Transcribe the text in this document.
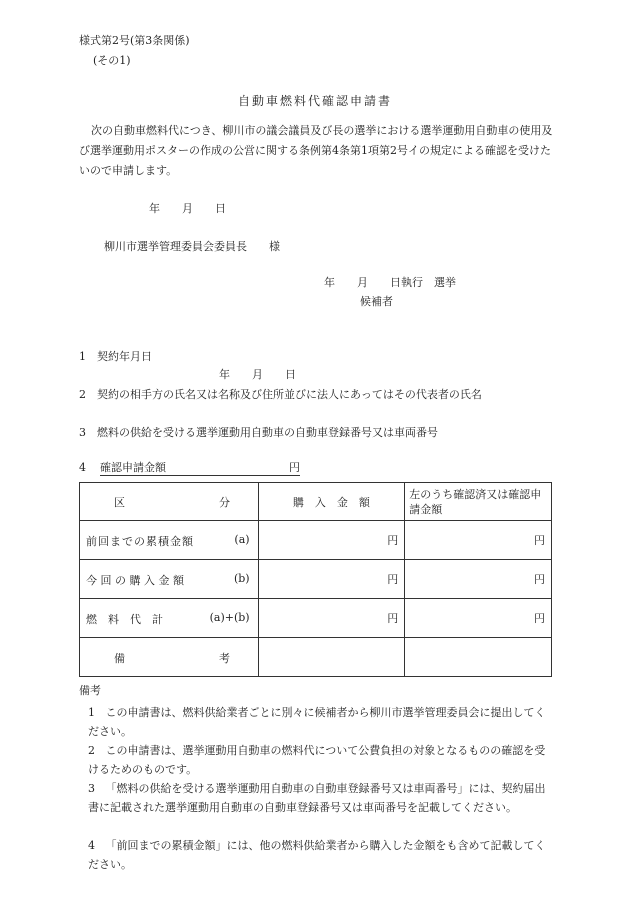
様式第2号(第3条関係)
(その1)
自動車燃料代確認申請書
次の自動車燃料代につき、柳川市の議会議員及び長の選挙における選挙運動用自動車の使用及び選挙運動用ポスターの作成の公営に関する条例第4条第1項第2号イの規定による確認を受けたいので申請します。
年　　月　　日
柳川市選挙管理委員会委員長　　様
年　　月　　日執行　選挙
候補者
1　契約年月日
年　　月　　日
2　契約の相手方の氏名又は名称及び住所並びに法人にあってはその代表者の氏名
3　燃料の供給を受ける選挙運動用自動車の自動車登録番号又は車両番号
4 確認申請金額	円
区 分	購　入　金　額	左のうち確認済又は確認申請金額

前回までの累積金額 (a)	円	円

今 回 の 購 入 金 額 (b)	円	円

燃　料　代　計 (a)+(b)	円	円

備 考		

備考
1 この申請書は、燃料供給業者ごとに別々に候補者から柳川市選挙管理委員会に提出してください。
2 この申請書は、選挙運動用自動車の燃料代について公費負担の対象となるものの確認を受けるためのものです。
3 「燃料の供給を受ける選挙運動用自動車の自動車登録番号又は車両番号」には、契約届出書に記載された選挙運動用自動車の自動車登録番号又は車両番号を記載してください。
4 「前回までの累積金額」には、他の燃料供給業者から購入した金額をも含めて記載してください。
